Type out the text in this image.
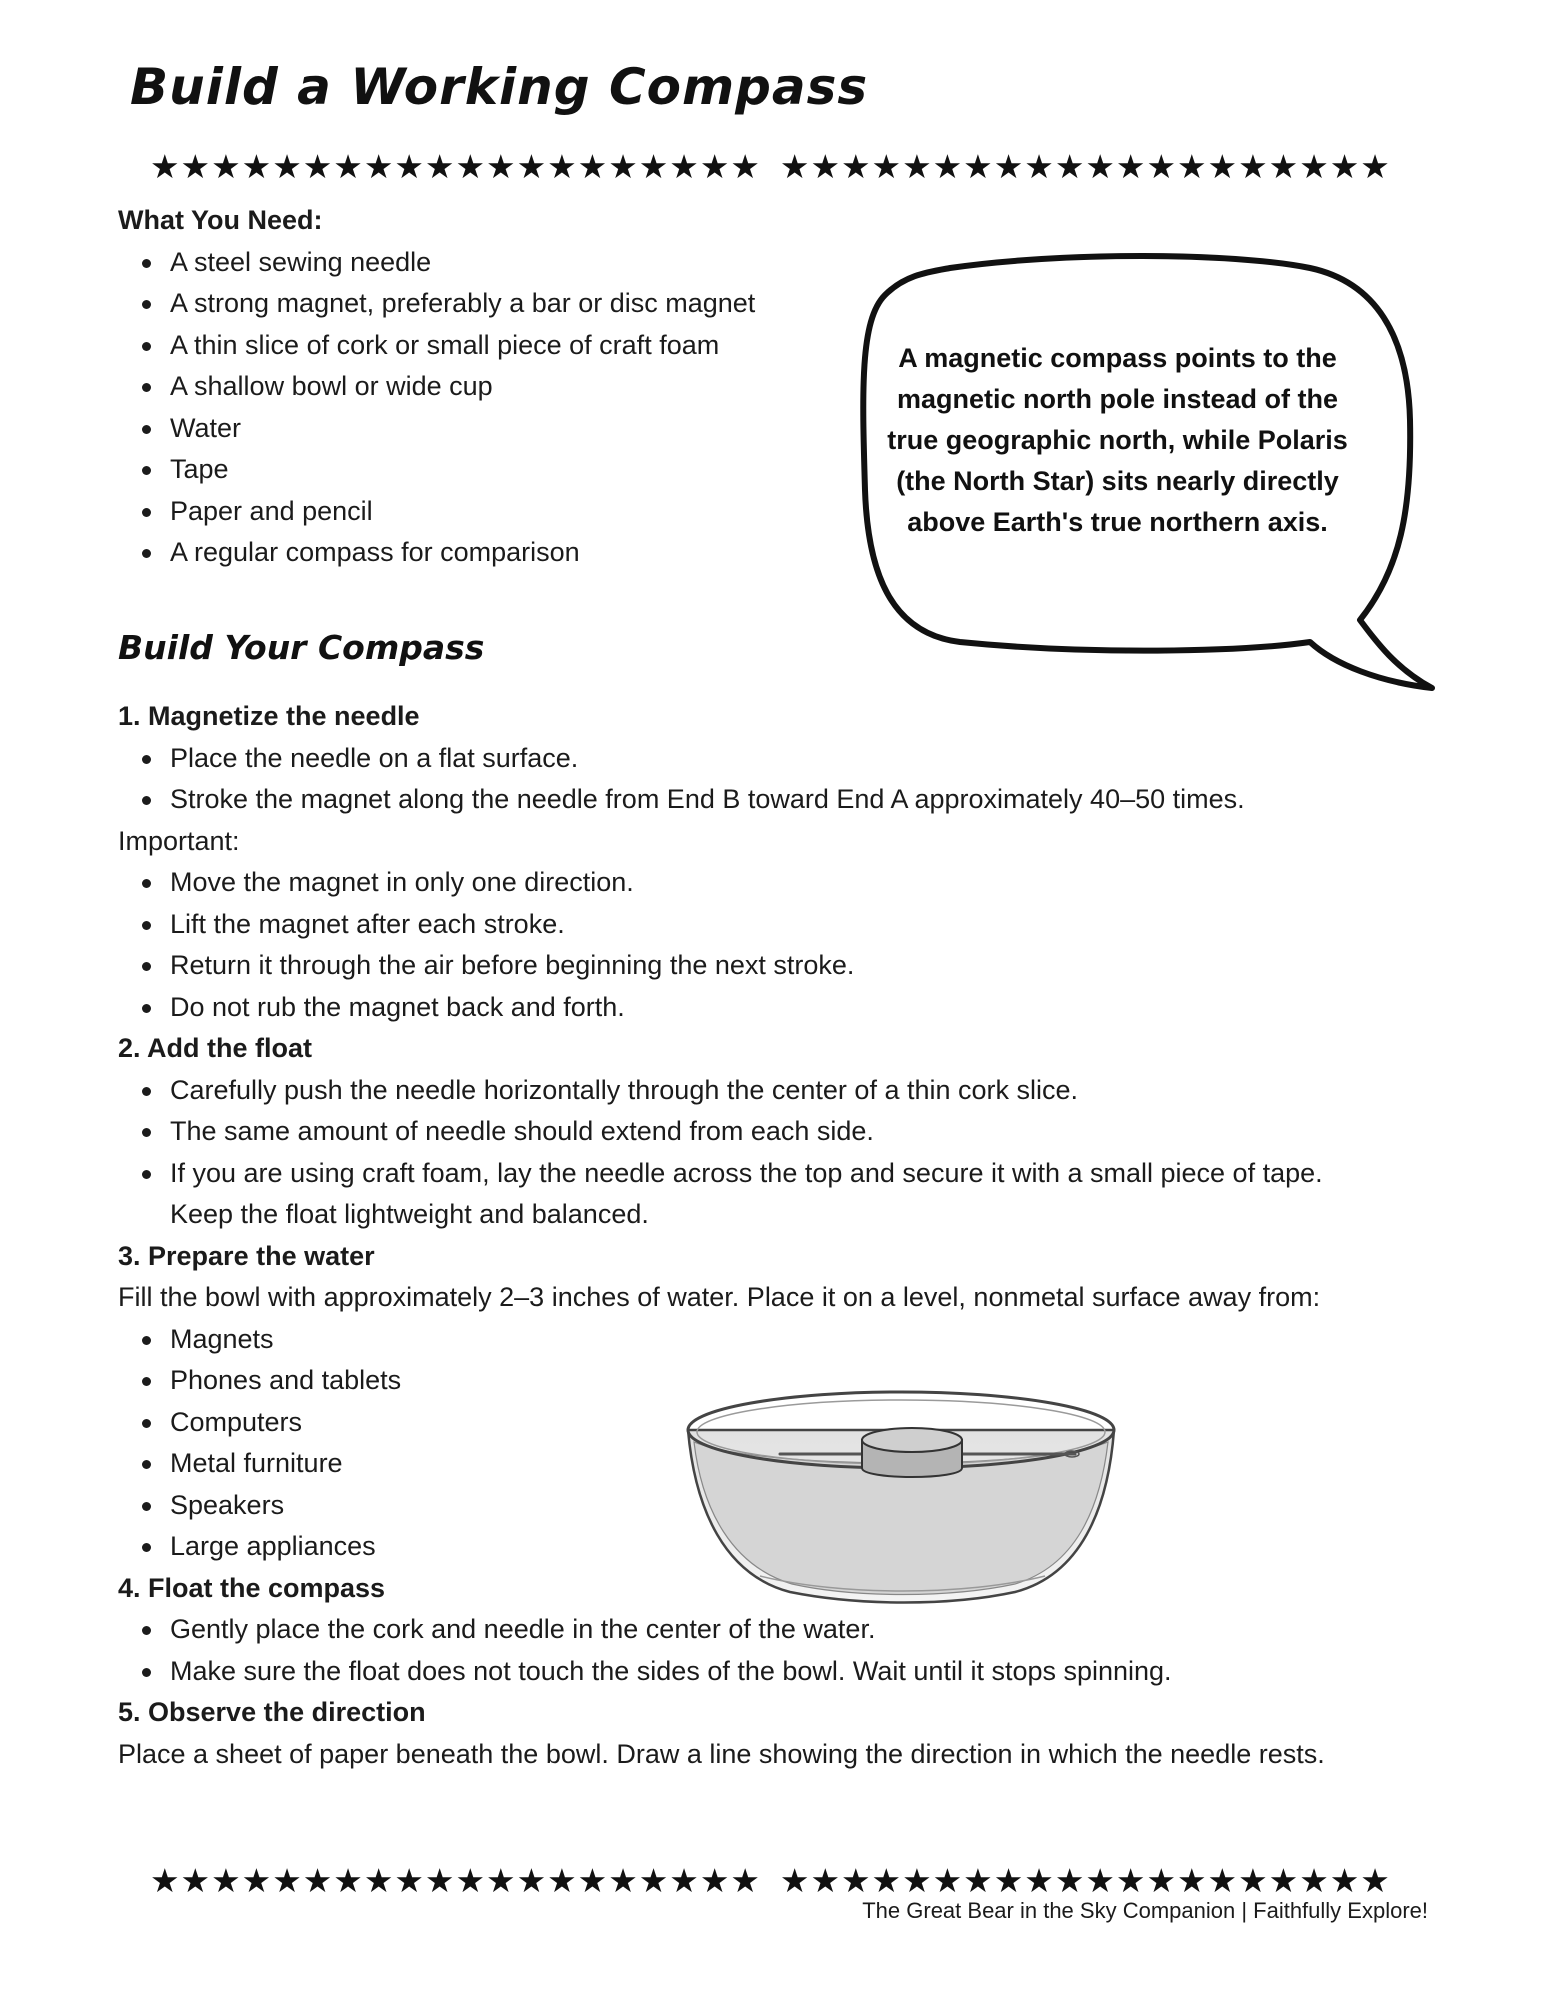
Build a Working Compass
★ ★ ★ ★ ★ ★ ★ ★ ★ ★ ★ ★ ★ ★ ★ ★ ★ ★ ★ ★ ★ ★ ★ ★ ★ ★ ★ ★ ★ ★ ★ ★ ★ ★ ★ ★ ★ ★ ★ ★
What You Need:
A steel sewing needle
A strong magnet, preferably a bar or disc magnet
A thin slice of cork or small piece of craft foam
A shallow bowl or wide cup
Water
Tape
Paper and pencil
A regular compass for comparison
A magnetic compass points to the magnetic north pole instead of the true geographic north, while Polaris (the North Star) sits nearly directly above Earth's true northern axis.
Build Your Compass
1. Magnetize the needle
Place the needle on a flat surface.
Stroke the magnet along the needle from End B toward End A approximately 40–50 times.
Important:
Move the magnet in only one direction.
Lift the magnet after each stroke.
Return it through the air before beginning the next stroke.
Do not rub the magnet back and forth.
2. Add the float
Carefully push the needle horizontally through the center of a thin cork slice.
The same amount of needle should extend from each side.
If you are using craft foam, lay the needle across the top and secure it with a small piece of tape. Keep the float lightweight and balanced.
3. Prepare the water
Fill the bowl with approximately 2–3 inches of water. Place it on a level, nonmetal surface away from:
Magnets
Phones and tablets
Computers
Metal furniture
Speakers
Large appliances
4. Float the compass
Gently place the cork and needle in the center of the water.
Make sure the float does not touch the sides of the bowl. Wait until it stops spinning.
5. Observe the direction
Place a sheet of paper beneath the bowl. Draw a line showing the direction in which the needle rests.
★ ★ ★ ★ ★ ★ ★ ★ ★ ★ ★ ★ ★ ★ ★ ★ ★ ★ ★ ★ ★ ★ ★ ★ ★ ★ ★ ★ ★ ★ ★ ★ ★ ★ ★ ★ ★ ★ ★ ★
The Great Bear in the Sky Companion | Faithfully Explore!
